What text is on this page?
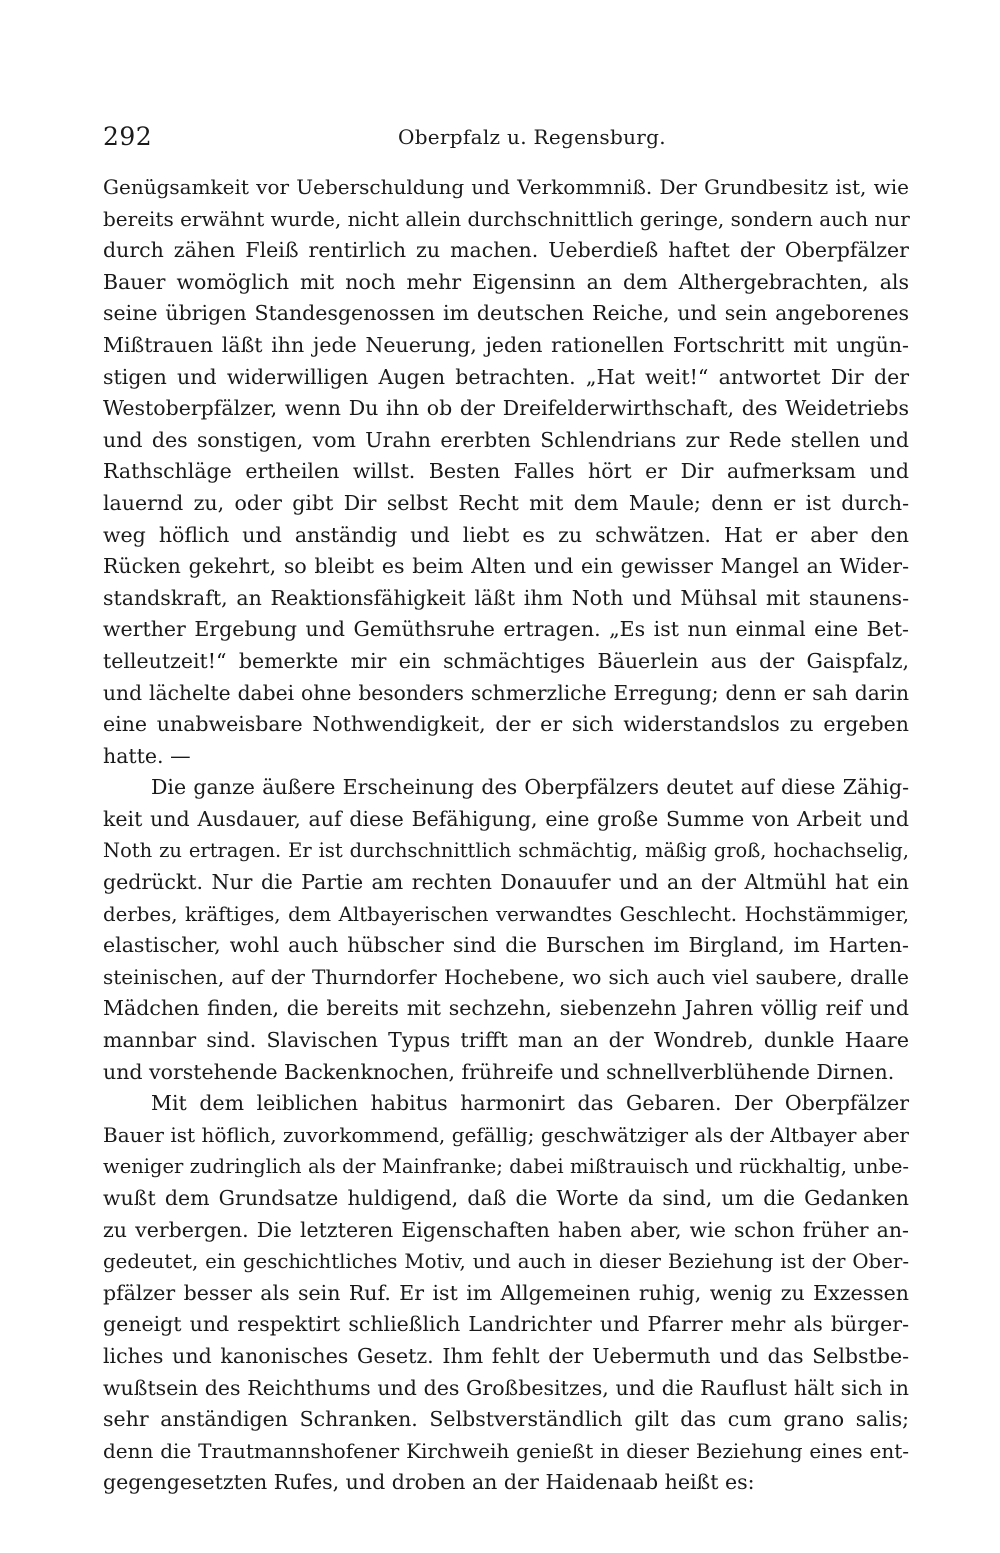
292	Oberpfalz u. Regensburg.
Genügsamkeit vor Ueberschuldung und Verkommniß. Der Grundbesitz ist, wie
bereits erwähnt wurde, nicht allein durchschnittlich geringe, sondern auch nur
durch zähen Fleiß rentirlich zu machen. Ueberdieß haftet der Oberpfälzer
Bauer womöglich mit noch mehr Eigensinn an dem Althergebrachten, als
seine übrigen Standesgenossen im deutschen Reiche, und sein angeborenes
Mißtrauen läßt ihn jede Neuerung, jeden rationellen Fortschritt mit ungün-
stigen und widerwilligen Augen betrachten. „Hat weit!“ antwortet Dir der
Westoberpfälzer, wenn Du ihn ob der Dreifelderwirthschaft, des Weidetriebs
und des sonstigen, vom Urahn ererbten Schlendrians zur Rede stellen und
Rathschläge ertheilen willst. Besten Falles hört er Dir aufmerksam und
lauernd zu, oder gibt Dir selbst Recht mit dem Maule; denn er ist durch-
weg höflich und anständig und liebt es zu schwätzen. Hat er aber den
Rücken gekehrt, so bleibt es beim Alten und ein gewisser Mangel an Wider-
standskraft, an Reaktionsfähigkeit läßt ihm Noth und Mühsal mit staunens-
werther Ergebung und Gemüthsruhe ertragen. „Es ist nun einmal eine Bet-
telleutzeit!“ bemerkte mir ein schmächtiges Bäuerlein aus der Gaispfalz,
und lächelte dabei ohne besonders schmerzliche Erregung; denn er sah darin
eine unabweisbare Nothwendigkeit, der er sich widerstandslos zu ergeben
hatte. —
Die ganze äußere Erscheinung des Oberpfälzers deutet auf diese Zähig-
keit und Ausdauer, auf diese Befähigung, eine große Summe von Arbeit und
Noth zu ertragen. Er ist durchschnittlich schmächtig, mäßig groß, hochachselig,
gedrückt. Nur die Partie am rechten Donauufer und an der Altmühl hat ein
derbes, kräftiges, dem Altbayerischen verwandtes Geschlecht. Hochstämmiger,
elastischer, wohl auch hübscher sind die Burschen im Birgland, im Harten-
steinischen, auf der Thurndorfer Hochebene, wo sich auch viel saubere, dralle
Mädchen finden, die bereits mit sechzehn, siebenzehn Jahren völlig reif und
mannbar sind. Slavischen Typus trifft man an der Wondreb, dunkle Haare
und vorstehende Backenknochen, frühreife und schnellverblühende Dirnen.
Mit dem leiblichen habitus harmonirt das Gebaren. Der Oberpfälzer
Bauer ist höflich, zuvorkommend, gefällig; geschwätziger als der Altbayer aber
weniger zudringlich als der Mainfranke; dabei mißtrauisch und rückhaltig, unbe-
wußt dem Grundsatze huldigend, daß die Worte da sind, um die Gedanken
zu verbergen. Die letzteren Eigenschaften haben aber, wie schon früher an-
gedeutet, ein geschichtliches Motiv, und auch in dieser Beziehung ist der Ober-
pfälzer besser als sein Ruf. Er ist im Allgemeinen ruhig, wenig zu Exzessen
geneigt und respektirt schließlich Landrichter und Pfarrer mehr als bürger-
liches und kanonisches Gesetz. Ihm fehlt der Uebermuth und das Selbstbe-
wußtsein des Reichthums und des Großbesitzes, und die Rauflust hält sich in
sehr anständigen Schranken. Selbstverständlich gilt das cum grano salis;
denn die Trautmannshofener Kirchweih genießt in dieser Beziehung eines ent-
gegengesetzten Rufes, und droben an der Haidenaab heißt es:
